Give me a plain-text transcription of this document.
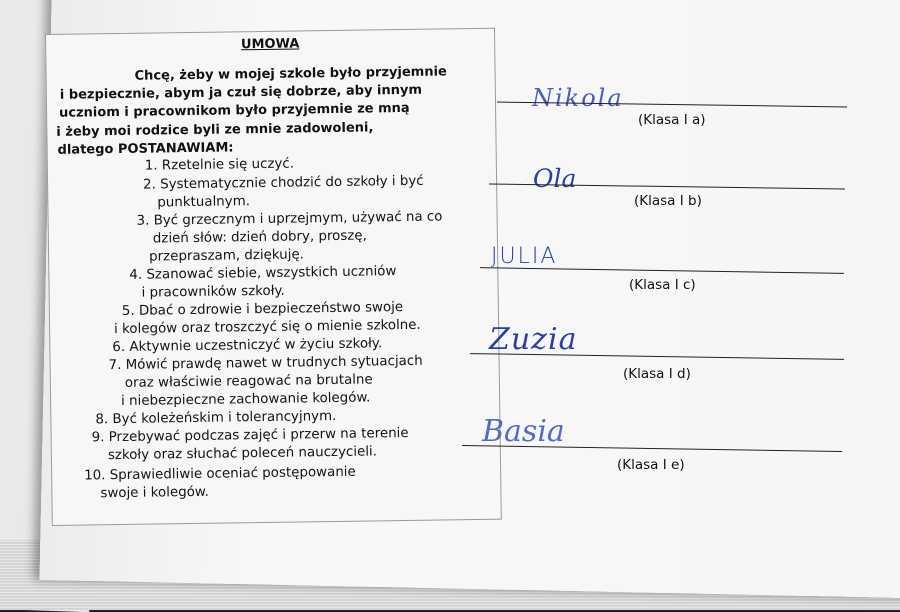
UMOWA
Chcę, żeby w mojej szkole było przyjemnie
i bezpiecznie, abym ja czuł się dobrze, aby innym
uczniom i pracownikom było przyjemnie ze mną
i żeby moi rodzice byli ze mnie zadowoleni,
dlatego POSTANAWIAM:
1. Rzetelnie się uczyć.
2. Systematycznie chodzić do szkoły i być
punktualnym.
3. Być grzecznym i uprzejmym, używać na co
dzień słów: dzień dobry, proszę,
przepraszam, dziękuję.
4. Szanować siebie, wszystkich uczniów
i pracowników szkoły.
5. Dbać o zdrowie i bezpieczeństwo swoje
i kolegów oraz troszczyć się o mienie szkolne.
6. Aktywnie uczestniczyć w życiu szkoły.
7. Mówić prawdę nawet w trudnych sytuacjach
oraz właściwie reagować na brutalne
i niebezpieczne zachowanie kolegów.
8. Być koleżeńskim i tolerancyjnym.
9. Przebywać podczas zajęć i przerw na terenie
szkoły oraz słuchać poleceń nauczycieli.
10. Sprawiedliwie oceniać postępowanie
swoje i kolegów.
Nikola
(Klasa I a)
Ola
(Klasa I b)
JULIA
(Klasa I c)
Zuzia
(Klasa I d)
Basia
(Klasa I e)
